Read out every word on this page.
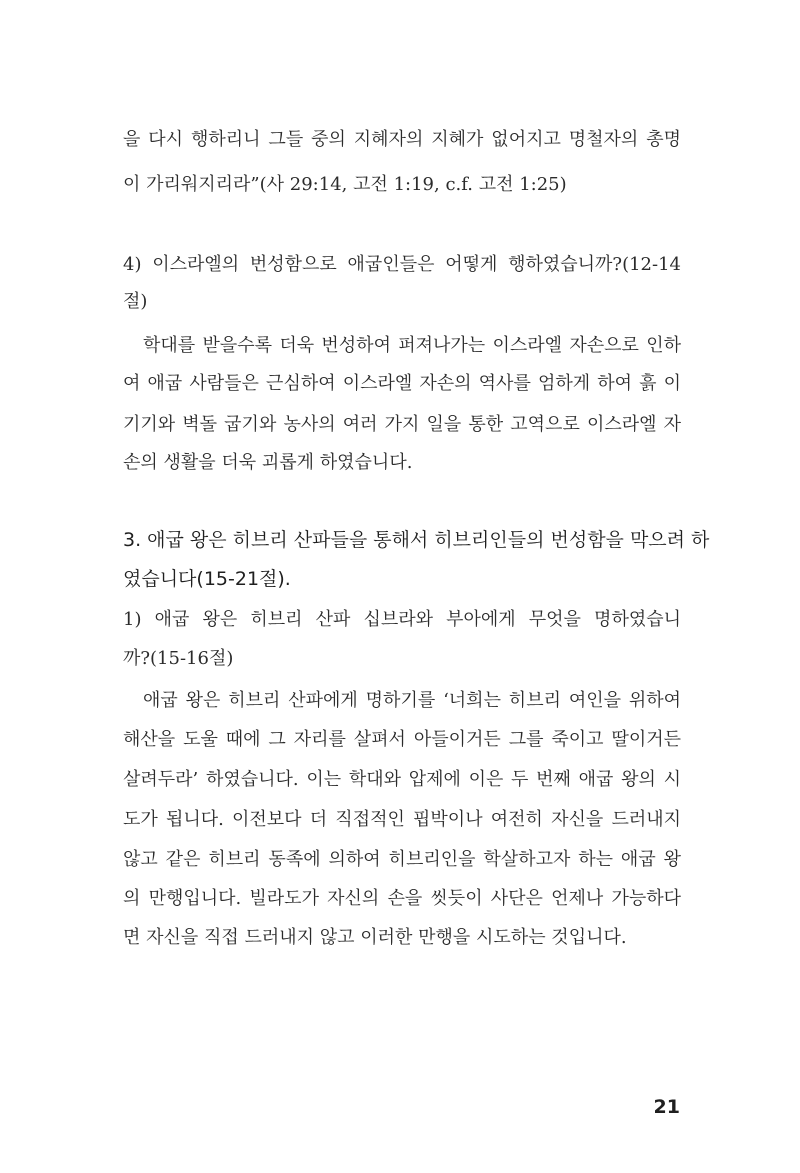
을 다시 행하리니 그들 중의 지혜자의 지혜가 없어지고 명철자의 총명
이 가리워지리라”(사 29:14, 고전 1:19, c.f. 고전 1:25)
4) 이스라엘의 번성함으로 애굽인들은 어떻게 행하였습니까?(12-14
절)
학대를 받을수록 더욱 번성하여 퍼져나가는 이스라엘 자손으로 인하
여 애굽 사람들은 근심하여 이스라엘 자손의 역사를 엄하게 하여 흙 이
기기와 벽돌 굽기와 농사의 여러 가지 일을 통한 고역으로 이스라엘 자
손의 생활을 더욱 괴롭게 하였습니다.
3. 애굽 왕은 히브리 산파들을 통해서 히브리인들의 번성함을 막으려 하
였습니다(15-21절).
1) 애굽 왕은 히브리 산파 십브라와 부아에게 무엇을 명하였습니
까?(15-16절)
애굽 왕은 히브리 산파에게 명하기를 ‘너희는 히브리 여인을 위하여
해산을 도울 때에 그 자리를 살펴서 아들이거든 그를 죽이고 딸이거든
살려두라’ 하였습니다. 이는 학대와 압제에 이은 두 번째 애굽 왕의 시
도가 됩니다. 이전보다 더 직접적인 핍박이나 여전히 자신을 드러내지
않고 같은 히브리 동족에 의하여 히브리인을 학살하고자 하는 애굽 왕
의 만행입니다. 빌라도가 자신의 손을 씻듯이 사단은 언제나 가능하다
면 자신을 직접 드러내지 않고 이러한 만행을 시도하는 것입니다.
21
